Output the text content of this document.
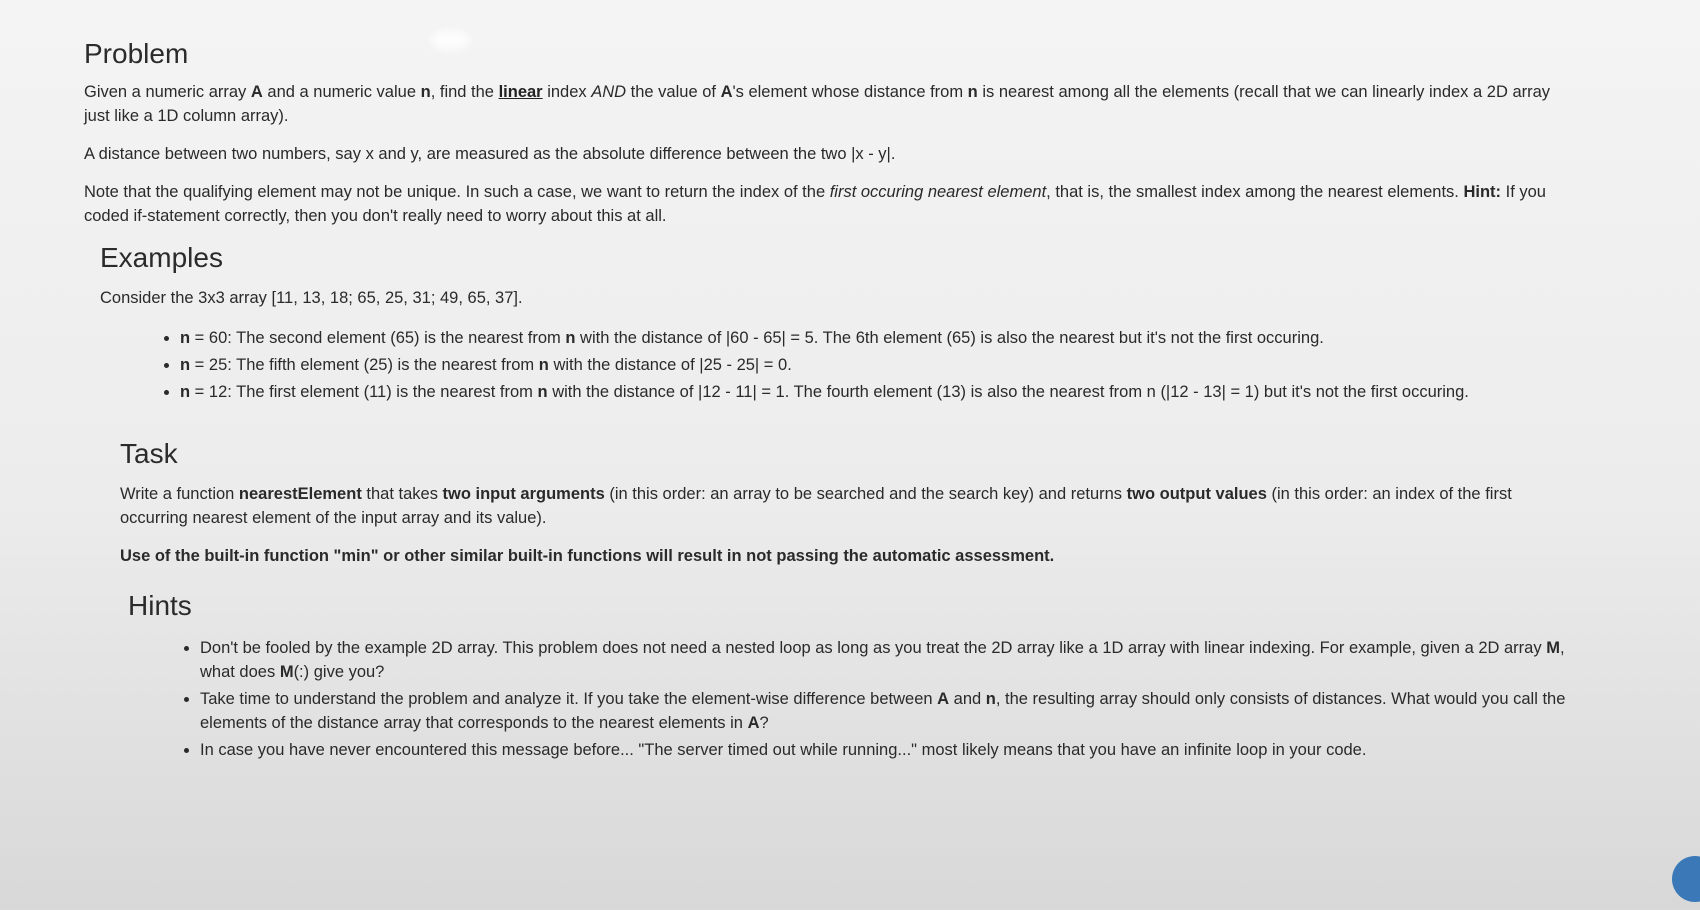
Problem

Given a numeric array A and a numeric value n, find the linear index AND the value of A's element whose distance from n is nearest among all the elements (recall that we can linearly index a 2D array just like a 1D column array).

A distance between two numbers, say x and y, are measured as the absolute difference between the two |x - y|.

Note that the qualifying element may not be unique. In such a case, we want to return the index of the first occuring nearest element, that is, the smallest index among the nearest elements. Hint: If you coded if-statement correctly, then you don't really need to worry about this at all.

Examples

Consider the 3x3 array [11, 13, 18; 65, 25, 31; 49, 65, 37].

• n = 60: The second element (65) is the nearest from n with the distance of |60 - 65| = 5. The 6th element (65) is also the nearest but it's not the first occuring.
• n = 25: The fifth element (25) is the nearest from n with the distance of |25 - 25| = 0.
• n = 12: The first element (11) is the nearest from n with the distance of |12 - 11| = 1. The fourth element (13) is also the nearest from n (|12 - 13| = 1) but it's not the first occuring.
Task

Write a function nearestElement that takes two input arguments (in this order: an array to be searched and the search key) and returns two output values (in this order: an index of the first occurring nearest element of the input array and its value).

Use of the built-in function "min" or other similar built-in functions will result in not passing the automatic assessment.

Hints
• Don't be fooled by the example 2D array. This problem does not need a nested loop as long as you treat the 2D array like a 1D array with linear indexing. For example, given a 2D array M, what does M(:) give you?
• Take time to understand the problem and analyze it. If you take the element-wise difference between A and n, the resulting array should only consists of distances. What would you call the elements of the distance array that corresponds to the nearest elements in A?
• In case you have never encountered this message before... "The server timed out while running..." most likely means that you have an infinite loop in your code.
